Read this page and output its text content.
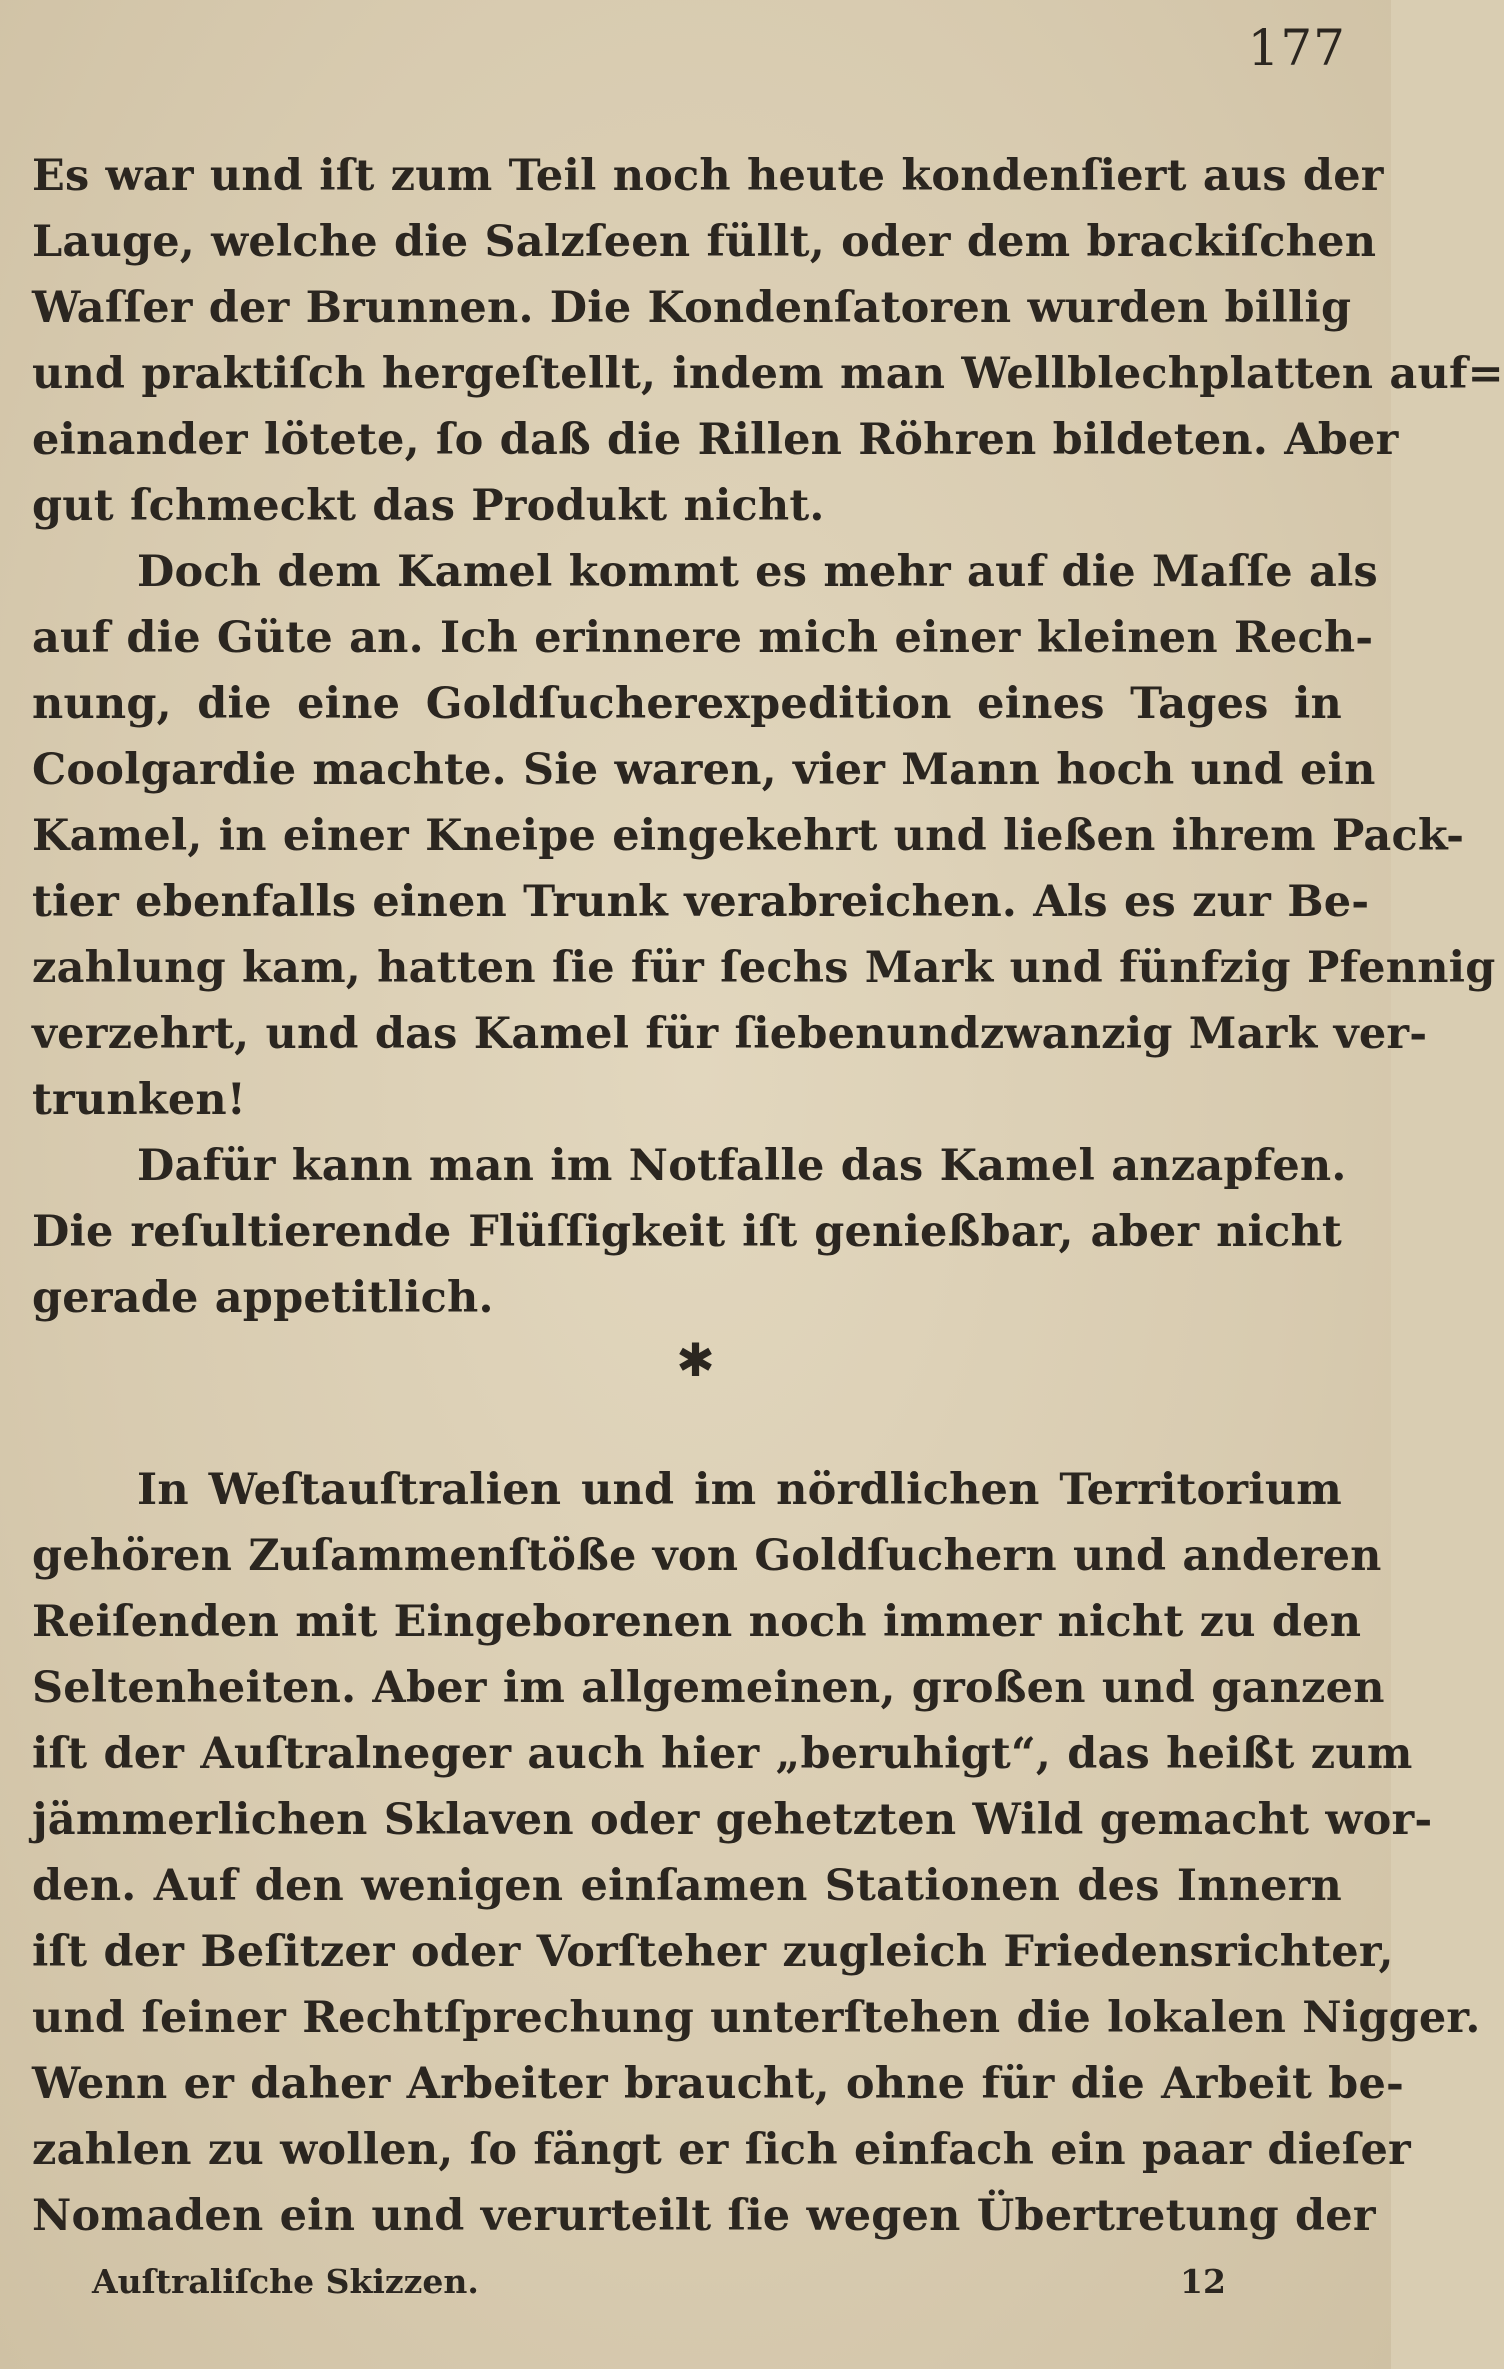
177
Es war und iſt zum Teil noch heute kondenſiert aus der
Lauge, welche die Salzſeen füllt, oder dem brackiſchen
Waſſer der Brunnen. Die Kondenſatoren wurden billig
und praktiſch hergeſtellt, indem man Wellblechplatten auf=
einander lötete, ſo daß die Rillen Röhren bildeten. Aber
gut ſchmeckt das Produkt nicht.
Doch dem Kamel kommt es mehr auf die Maſſe als
auf die Güte an. Ich erinnere mich einer kleinen Rech-
nung, die eine Goldſucherexpedition eines Tages in
Coolgardie machte. Sie waren, vier Mann hoch und ein
Kamel, in einer Kneipe eingekehrt und ließen ihrem Pack-
tier ebenfalls einen Trunk verabreichen. Als es zur Be-
zahlung kam, hatten ſie für ſechs Mark und fünfzig Pfennig
verzehrt, und das Kamel für ſiebenundzwanzig Mark ver-
trunken!
Dafür kann man im Notfalle das Kamel anzapfen.
Die reſultierende Flüſſigkeit iſt genießbar, aber nicht
gerade appetitlich.
✱
In Weſtauſtralien und im nördlichen Territorium
gehören Zuſammenſtöße von Goldſuchern und anderen
Reiſenden mit Eingeborenen noch immer nicht zu den
Seltenheiten. Aber im allgemeinen, großen und ganzen
iſt der Auſtralneger auch hier „beruhigt“, das heißt zum
jämmerlichen Sklaven oder gehetzten Wild gemacht wor-
den. Auf den wenigen einſamen Stationen des Innern
iſt der Beſitzer oder Vorſteher zugleich Friedensrichter,
und ſeiner Rechtſprechung unterſtehen die lokalen Nigger.
Wenn er daher Arbeiter braucht, ohne für die Arbeit be-
zahlen zu wollen, ſo fängt er ſich einfach ein paar dieſer
Nomaden ein und verurteilt ſie wegen Übertretung der
Auſtraliſche Skizzen.	12
